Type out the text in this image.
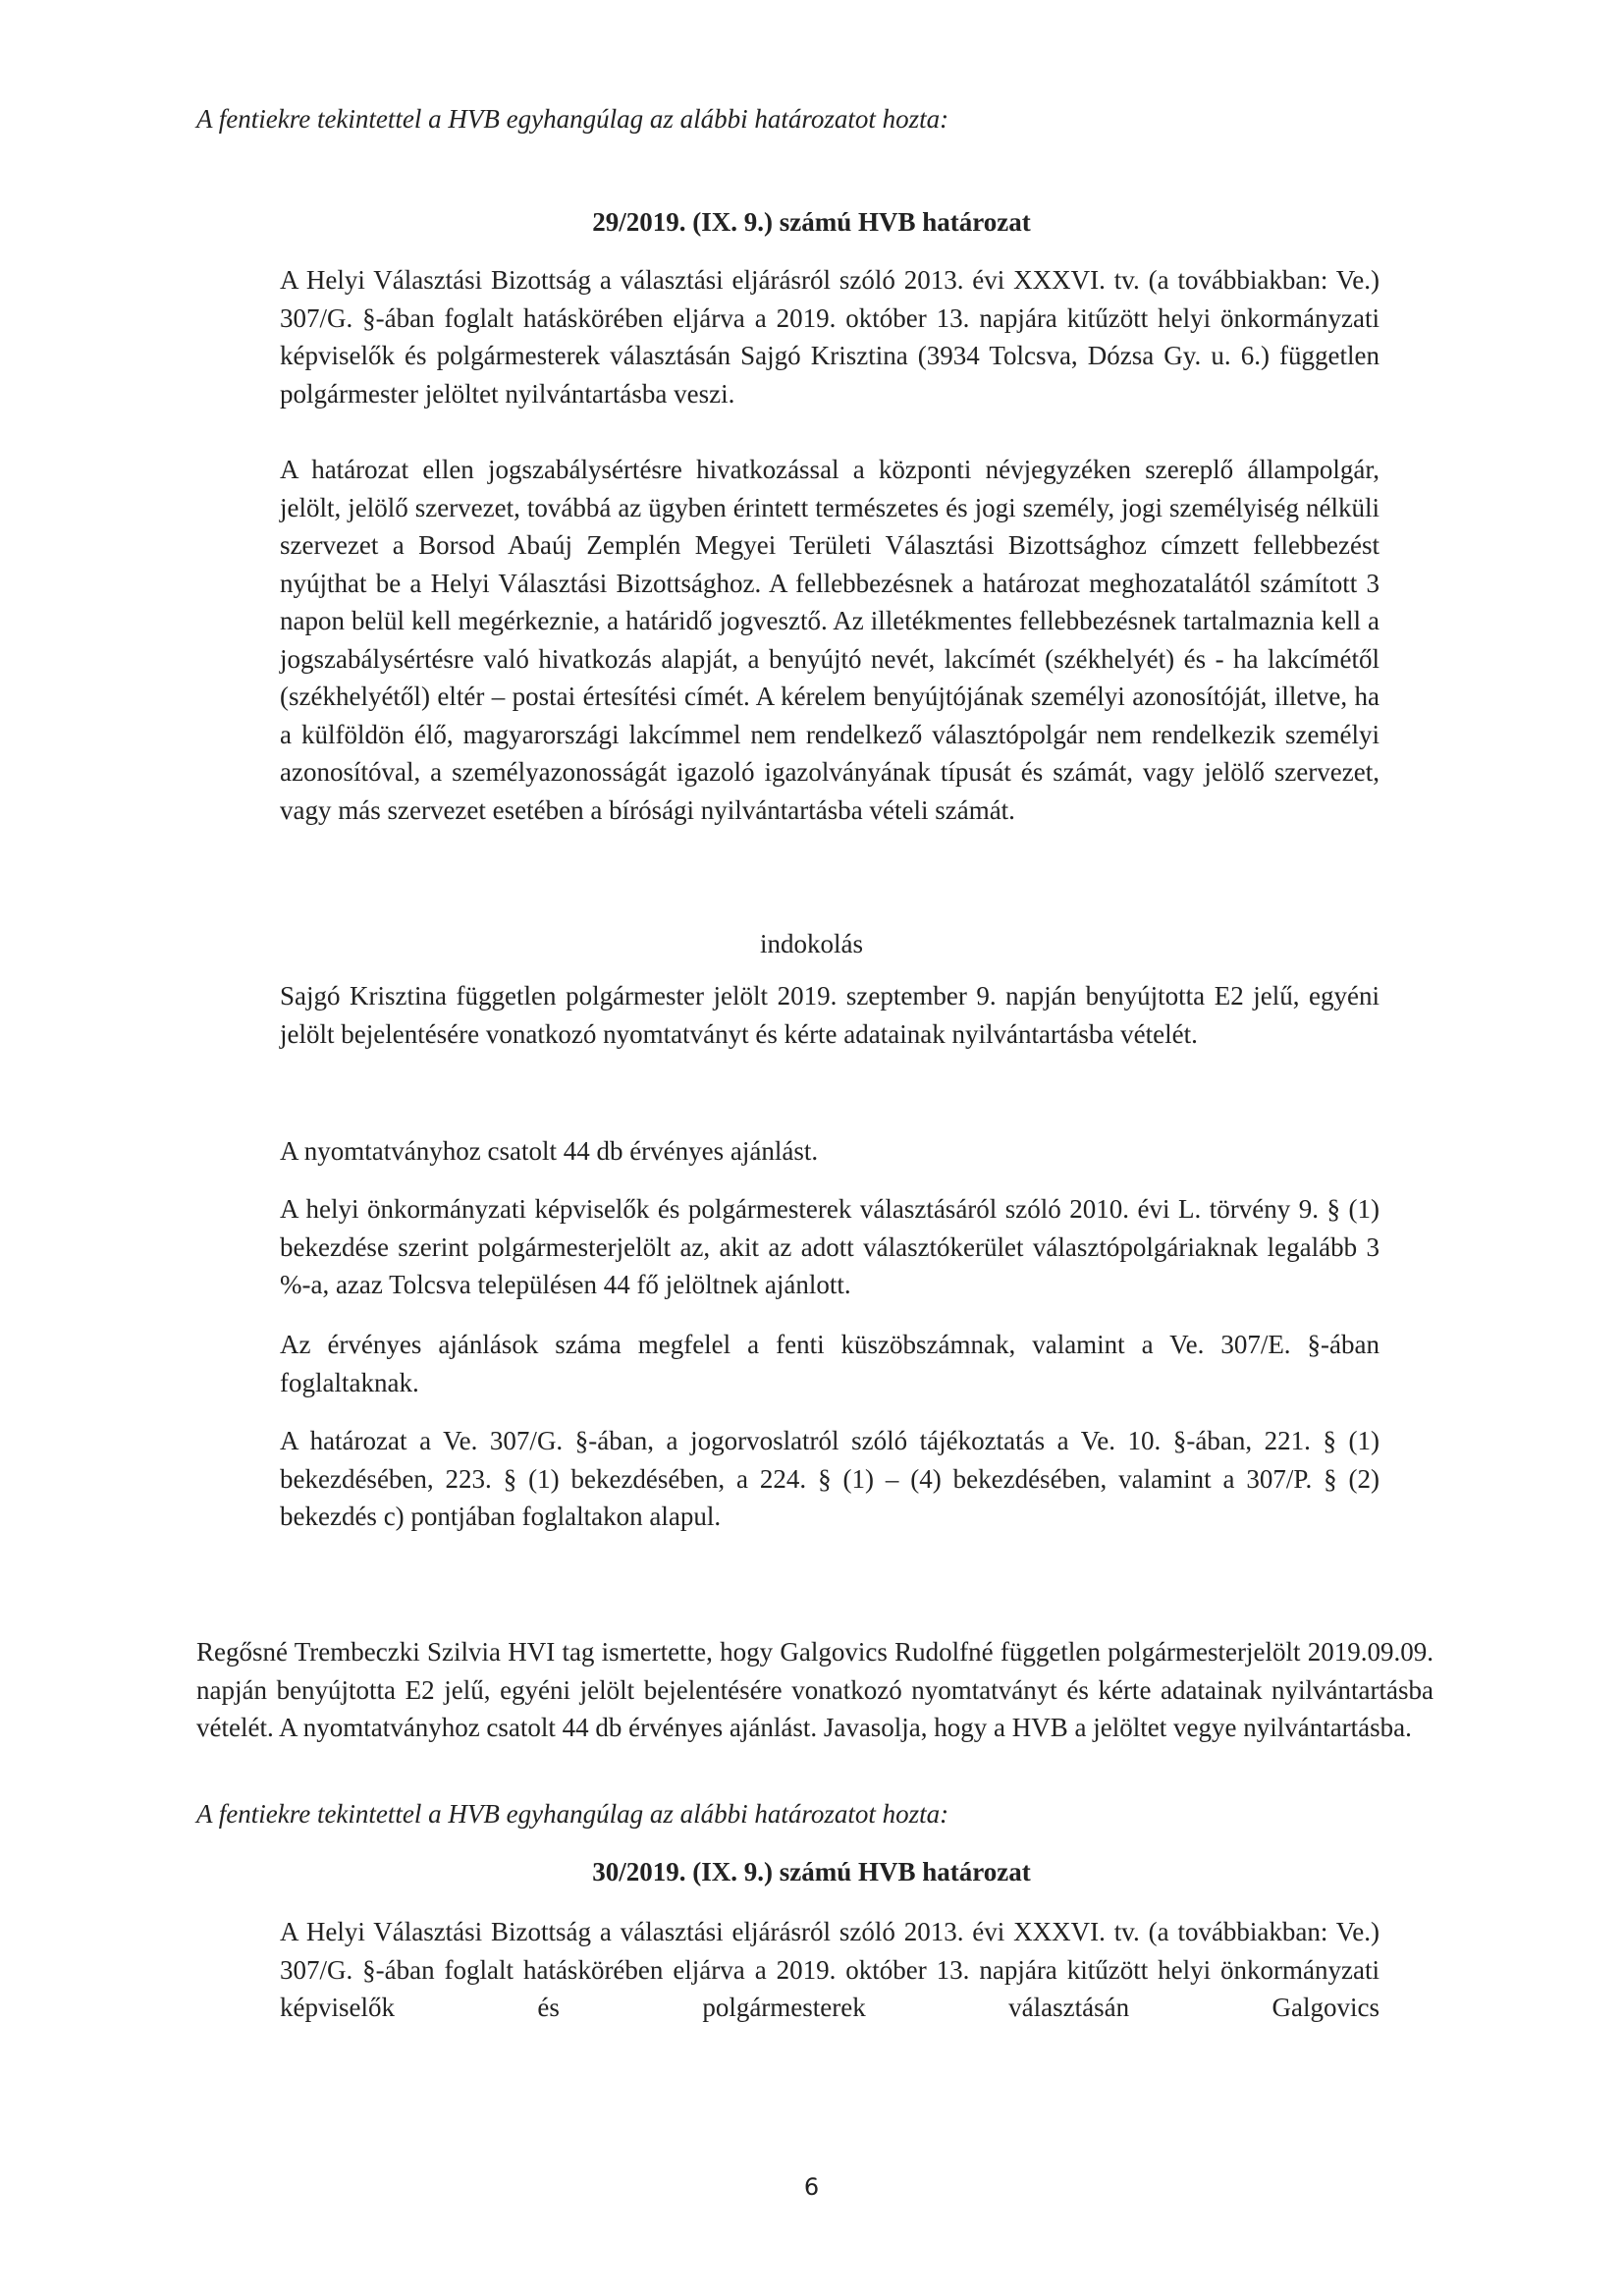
A fentiekre tekintettel a HVB egyhangúlag az alábbi határozatot hozta:
29/2019. (IX. 9.) számú HVB határozat

A Helyi Választási Bizottság a választási eljárásról szóló 2013. évi XXXVI. tv. (a továbbiakban: Ve.) 307/G. §-ában foglalt hatáskörében eljárva a 2019. október 13. napjára kitűzött helyi önkormányzati képviselők és polgármesterek választásán Sajgó Krisztina (3934 Tolcsva, Dózsa Gy. u. 6.) független polgármester jelöltet nyilvántartásba veszi.

A határozat ellen jogszabálysértésre hivatkozással a központi névjegyzéken szereplő állampolgár, jelölt, jelölő szervezet, továbbá az ügyben érintett természetes és jogi személy, jogi személyiség nélküli szervezet a Borsod Abaúj Zemplén Megyei Területi Választási Bizottsághoz címzett fellebbezést nyújthat be a Helyi Választási Bizottsághoz. A fellebbezésnek a határozat meghozatalától számított 3 napon belül kell megérkeznie, a határidő jogvesztő. Az illetékmentes fellebbezésnek tartalmaznia kell a jogszabálysértésre való hivatkozás alapját, a benyújtó nevét, lakcímét (székhelyét) és - ha lakcímétől (székhelyétől) eltér – postai értesítési címét. A kérelem benyújtójának személyi azonosítóját, illetve, ha a külföldön élő, magyarországi lakcímmel nem rendelkező választópolgár nem rendelkezik személyi azonosítóval, a személyazonosságát igazoló igazolványának típusát és számát, vagy jelölő szervezet, vagy más szervezet esetében a bírósági nyilvántartásba vételi számát.

indokolás

Sajgó Krisztina független polgármester jelölt 2019. szeptember 9. napján benyújtotta E2 jelű, egyéni jelölt bejelentésére vonatkozó nyomtatványt és kérte adatainak nyilvántartásba vételét.

A nyomtatványhoz csatolt 44 db érvényes ajánlást.

A helyi önkormányzati képviselők és polgármesterek választásáról szóló 2010. évi L. törvény 9. § (1) bekezdése szerint polgármesterjelölt az, akit az adott választókerület választópolgáriaknak legalább 3 %-a, azaz Tolcsva településen 44 fő jelöltnek ajánlott.

Az érvényes ajánlások száma megfelel a fenti küszöbszámnak, valamint a Ve. 307/E. §-ában foglaltaknak.

A határozat a Ve. 307/G. §-ában, a jogorvoslatról szóló tájékoztatás a Ve. 10. §-ában, 221. § (1) bekezdésében, 223. § (1) bekezdésében, a 224. § (1) – (4) bekezdésében, valamint a 307/P. § (2) bekezdés c) pontjában foglaltakon alapul.

Regősné Trembeczki Szilvia HVI tag ismertette, hogy Galgovics Rudolfné független polgármesterjelölt 2019.09.09. napján benyújtotta E2 jelű, egyéni jelölt bejelentésére vonatkozó nyomtatványt és kérte adatainak nyilvántartásba vételét. A nyomtatványhoz csatolt 44 db érvényes ajánlást. Javasolja, hogy a HVB a jelöltet vegye nyilvántartásba.

A fentiekre tekintettel a HVB egyhangúlag az alábbi határozatot hozta:
30/2019. (IX. 9.) számú HVB határozat

A Helyi Választási Bizottság a választási eljárásról szóló 2013. évi XXXVI. tv. (a továbbiakban: Ve.) 307/G. §-ában foglalt hatáskörében eljárva a 2019. október 13. napjára kitűzött helyi önkormányzati képviselők és polgármesterek választásán Galgovics

6
